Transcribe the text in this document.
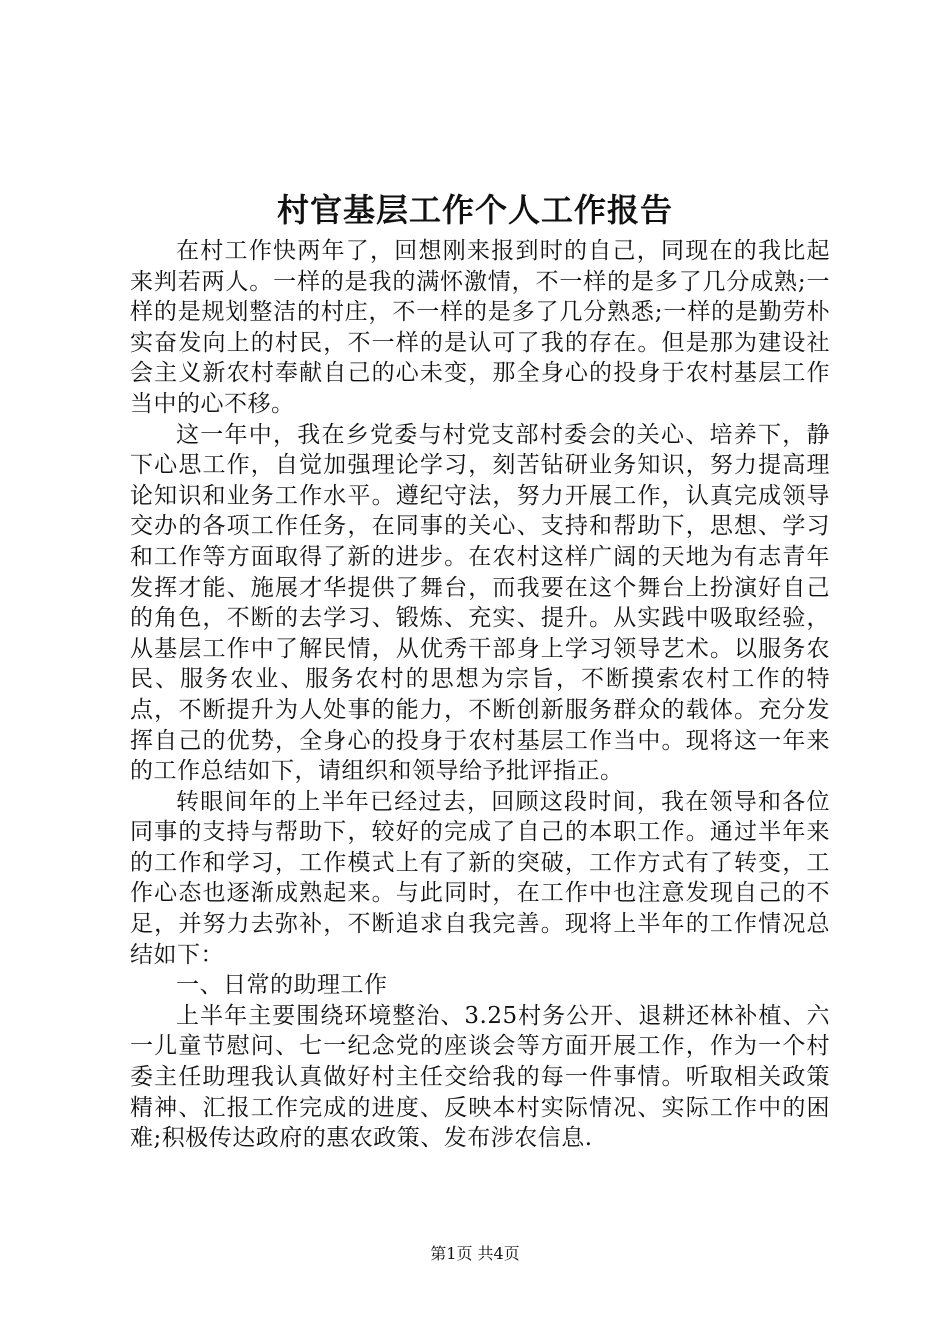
村官基层工作个人工作报告

在村工作快两年了，回想刚来报到时的自己，同现在的我比起来判若两人。一样的是我的满怀激情，不一样的是多了几分成熟;一样的是规划整洁的村庄，不一样的是多了几分熟悉;一样的是勤劳朴实奋发向上的村民，不一样的是认可了我的存在。但是那为建设社会主义新农村奉献自己的心未变，那全身心的投身于农村基层工作当中的心不移。

这一年中，我在乡党委与村党支部村委会的关心、培养下，静下心思工作，自觉加强理论学习，刻苦钻研业务知识，努力提高理论知识和业务工作水平。遵纪守法，努力开展工作，认真完成领导交办的各项工作任务，在同事的关心、支持和帮助下，思想、学习和工作等方面取得了新的进步。在农村这样广阔的天地为有志青年发挥才能、施展才华提供了舞台，而我要在这个舞台上扮演好自己的角色，不断的去学习、锻炼、充实、提升。从实践中吸取经验，从基层工作中了解民情，从优秀干部身上学习领导艺术。以服务农民、服务农业、服务农村的思想为宗旨，不断摸索农村工作的特点，不断提升为人处事的能力，不断创新服务群众的载体。充分发挥自己的优势，全身心的投身于农村基层工作当中。现将这一年来的工作总结如下，请组织和领导给予批评指正。

转眼间年的上半年已经过去，回顾这段时间，我在领导和各位同事的支持与帮助下，较好的完成了自己的本职工作。通过半年来的工作和学习，工作模式上有了新的突破，工作方式有了转变，工作心态也逐渐成熟起来。与此同时，在工作中也注意发现自己的不足，并努力去弥补，不断追求自我完善。现将上半年的工作情况总结如下：

一、日常的助理工作

上半年主要围绕环境整治、3.25村务公开、退耕还林补植、六一儿童节慰问、七一纪念党的座谈会等方面开展工作，作为一个村委主任助理我认真做好村主任交给我的每一件事情。听取相关政策精神、汇报工作完成的进度、反映本村实际情况、实际工作中的困难;积极传达政府的惠农政策、发布涉农信息.

第1页 共4页
